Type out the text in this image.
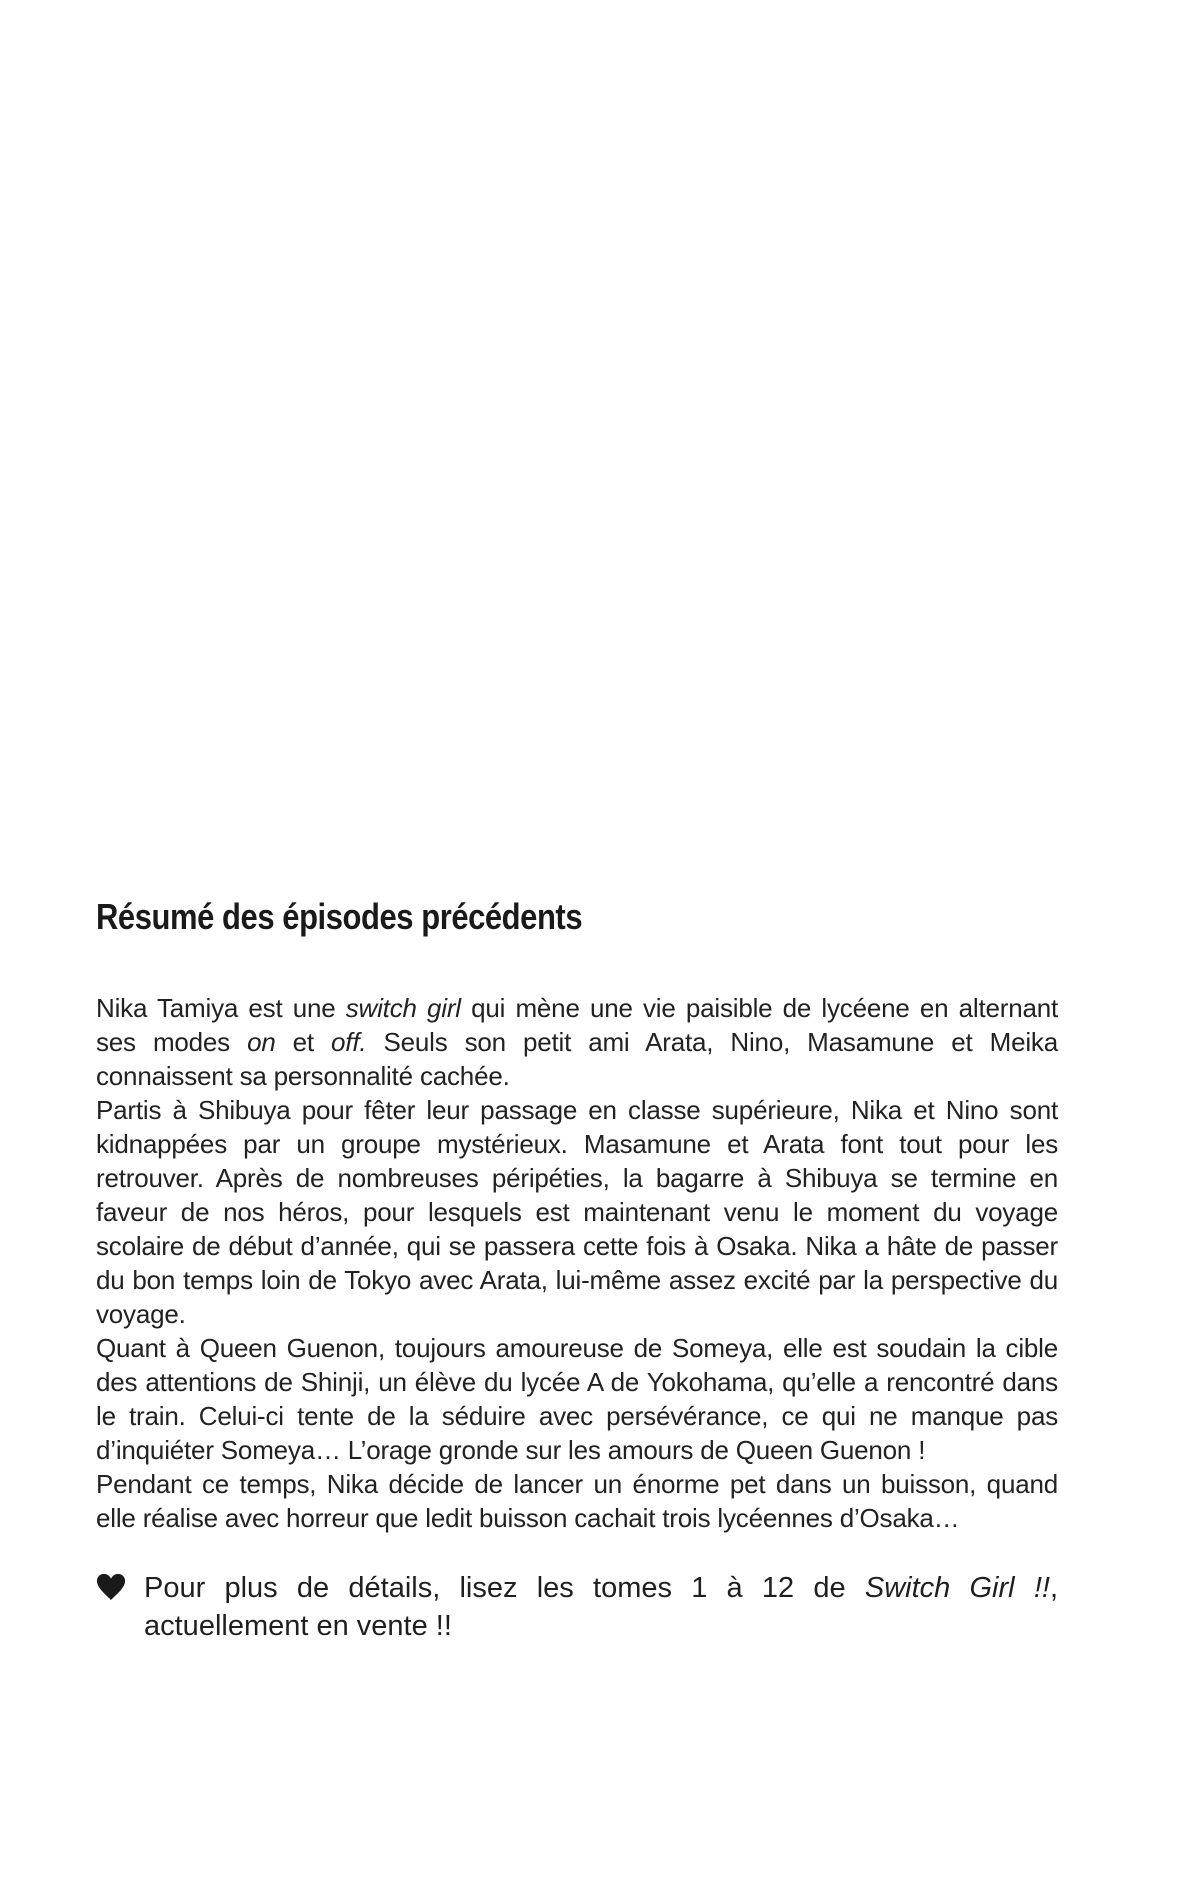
Résumé des épisodes précédents

Nika Tamiya est une switch girl qui mène une vie paisible de lycéene en alternant ses modes on et off. Seuls son petit ami Arata, Nino, Masamune et Meika connaissent sa personnalité cachée.

Partis à Shibuya pour fêter leur passage en classe supérieure, Nika et Nino sont kidnappées par un groupe mystérieux. Masamune et Arata font tout pour les retrouver. Après de nombreuses péripéties, la bagarre à Shibuya se termine en faveur de nos héros, pour lesquels est maintenant venu le moment du voyage scolaire de début d’année, qui se passera cette fois à Osaka. Nika a hâte de passer du bon temps loin de Tokyo avec Arata, lui-même assez excité par la perspective du voyage.

Quant à Queen Guenon, toujours amoureuse de Someya, elle est soudain la cible des attentions de Shinji, un élève du lycée A de Yokohama, qu’elle a rencontré dans le train. Celui-ci tente de la séduire avec persévérance, ce qui ne manque pas d’inquiéter Someya… L’orage gronde sur les amours de Queen Guenon !

Pendant ce temps, Nika décide de lancer un énorme pet dans un buisson, quand elle réalise avec horreur que ledit buisson cachait trois lycéennes d’Osaka…

Pour plus de détails, lisez les tomes 1 à 12 de Switch Girl !!,
actuellement en vente !!
